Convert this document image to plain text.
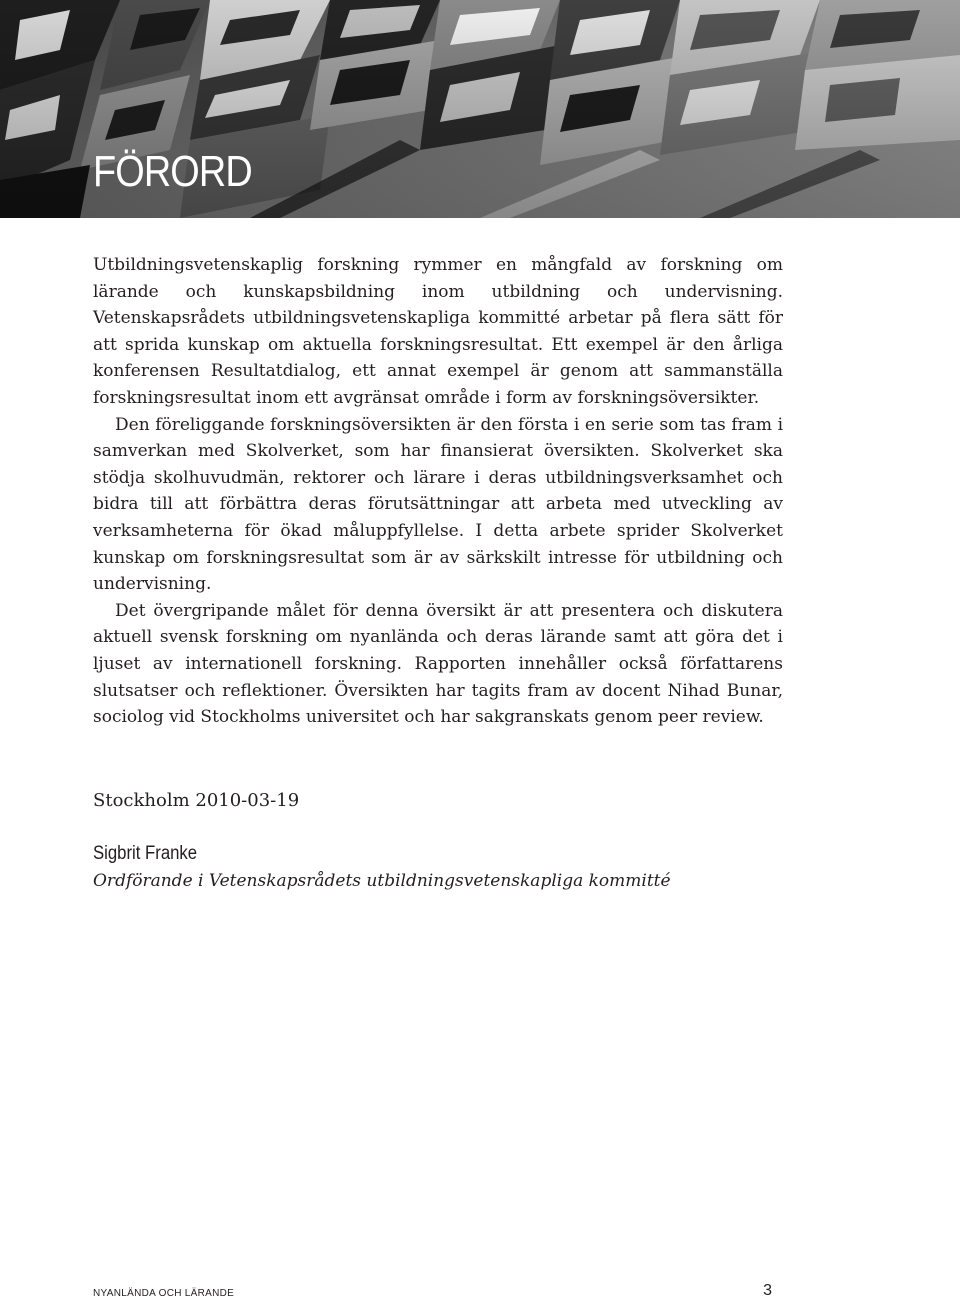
FÖRORD

Utbildningsvetenskaplig forskning rymmer en mångfald av forskning om lärande och kunskapsbildning inom utbildning och undervisning. Vetenskapsrådets utbildningsvetenskapliga kommitté arbetar på flera sätt för att sprida kunskap om aktuella forskningsresultat. Ett exempel är den årliga konferensen Resultatdialog, ett annat exempel är genom att sammanställa forskningsresultat inom ett avgränsat område i form av forskningsöversikter.

Den föreliggande forskningsöversikten är den första i en serie som tas fram i samverkan med Skolverket, som har finansierat översikten. Skolverket ska stödja skolhuvudmän, rektorer och lärare i deras utbildningsverksamhet och bidra till att förbättra deras förutsättningar att arbeta med utveckling av verksamheterna för ökad måluppfyllelse. I detta arbete sprider Skolverket kunskap om forskningsresultat som är av särkskilt intresse för utbildning och undervisning.

Det övergripande målet för denna översikt är att presentera och diskutera aktuell svensk forskning om nyanlända och deras lärande samt att göra det i ljuset av internationell forskning. Rapporten innehåller också författarens slutsatser och reflektioner. Översikten har tagits fram av docent Nihad Bunar, sociolog vid Stockholms universitet och har sakgranskats genom peer review.

Stockholm 2010-03-19
Sigbrit Franke
Ordförande i Vetenskapsrådets utbildningsvetenskapliga kommitté
NYANLÄNDA OCH LÄRANDE	3
